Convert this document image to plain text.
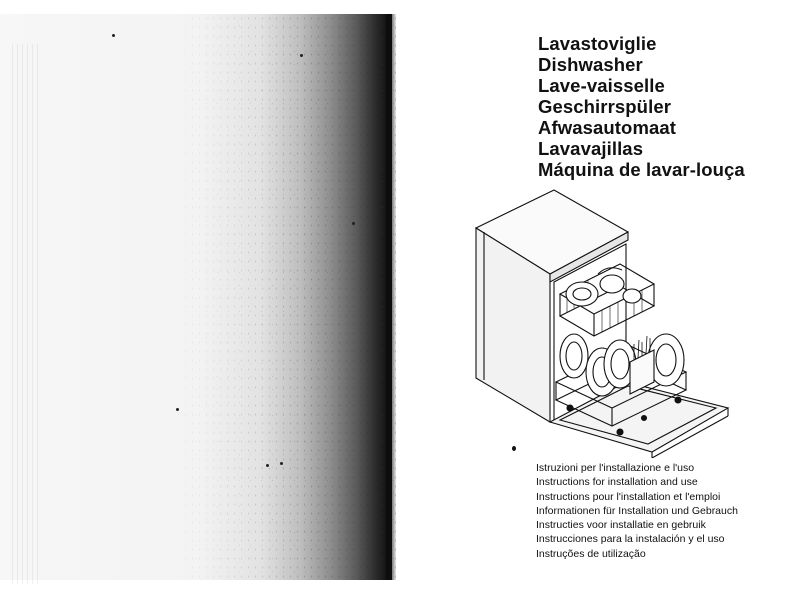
Lavastoviglie
Dishwasher
Lave-vaisselle
Geschirrspüler
Afwasautomaat
Lavavajillas
Máquina de lavar-louça
Istruzioni per l'installazione e l'uso
Instructions for installation and use
Instructions pour l'installation et l'emploi
Informationen für Installation und Gebrauch
Instructies voor installatie en gebruik
Instrucciones para la instalación y el uso
Instruções de utilização
